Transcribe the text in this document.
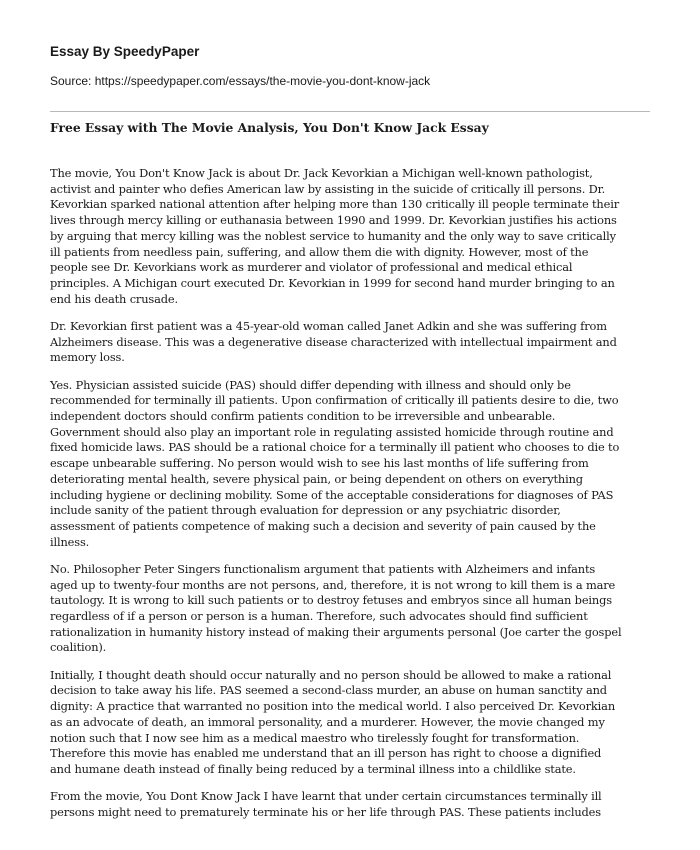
Essay By SpeedyPaper
Source: https://speedypaper.com/essays/the-movie-you-dont-know-jack
Free Essay with The Movie Analysis, You Don't Know Jack Essay

The movie, You Don't Know Jack is about Dr. Jack Kevorkian a Michigan well-known pathologist,
activist and painter who defies American law by assisting in the suicide of critically ill persons. Dr.
Kevorkian sparked national attention after helping more than 130 critically ill people terminate their
lives through mercy killing or euthanasia between 1990 and 1999. Dr. Kevorkian justifies his actions
by arguing that mercy killing was the noblest service to humanity and the only way to save critically
ill patients from needless pain, suffering, and allow them die with dignity. However, most of the
people see Dr. Kevorkians work as murderer and violator of professional and medical ethical
principles. A Michigan court executed Dr. Kevorkian in 1999 for second hand murder bringing to an
end his death crusade.

Dr. Kevorkian first patient was a 45-year-old woman called Janet Adkin and she was suffering from
Alzheimers disease. This was a degenerative disease characterized with intellectual impairment and
memory loss.

Yes. Physician assisted suicide (PAS) should differ depending with illness and should only be
recommended for terminally ill patients. Upon confirmation of critically ill patients desire to die, two
independent doctors should confirm patients condition to be irreversible and unbearable.
Government should also play an important role in regulating assisted homicide through routine and
fixed homicide laws. PAS should be a rational choice for a terminally ill patient who chooses to die to
escape unbearable suffering. No person would wish to see his last months of life suffering from
deteriorating mental health, severe physical pain, or being dependent on others on everything
including hygiene or declining mobility. Some of the acceptable considerations for diagnoses of PAS
include sanity of the patient through evaluation for depression or any psychiatric disorder,
assessment of patients competence of making such a decision and severity of pain caused by the
illness.

No. Philosopher Peter Singers functionalism argument that patients with Alzheimers and infants
aged up to twenty-four months are not persons, and, therefore, it is not wrong to kill them is a mare
tautology. It is wrong to kill such patients or to destroy fetuses and embryos since all human beings
regardless of if a person or person is a human. Therefore, such advocates should find sufficient
rationalization in humanity history instead of making their arguments personal (Joe carter the gospel
coalition).

Initially, I thought death should occur naturally and no person should be allowed to make a rational
decision to take away his life. PAS seemed a second-class murder, an abuse on human sanctity and
dignity: A practice that warranted no position into the medical world. I also perceived Dr. Kevorkian
as an advocate of death, an immoral personality, and a murderer. However, the movie changed my
notion such that I now see him as a medical maestro who tirelessly fought for transformation.
Therefore this movie has enabled me understand that an ill person has right to choose a dignified
and humane death instead of finally being reduced by a terminal illness into a childlike state.

From the movie, You Dont Know Jack I have learnt that under certain circumstances terminally ill
persons might need to prematurely terminate his or her life through PAS. These patients includes
